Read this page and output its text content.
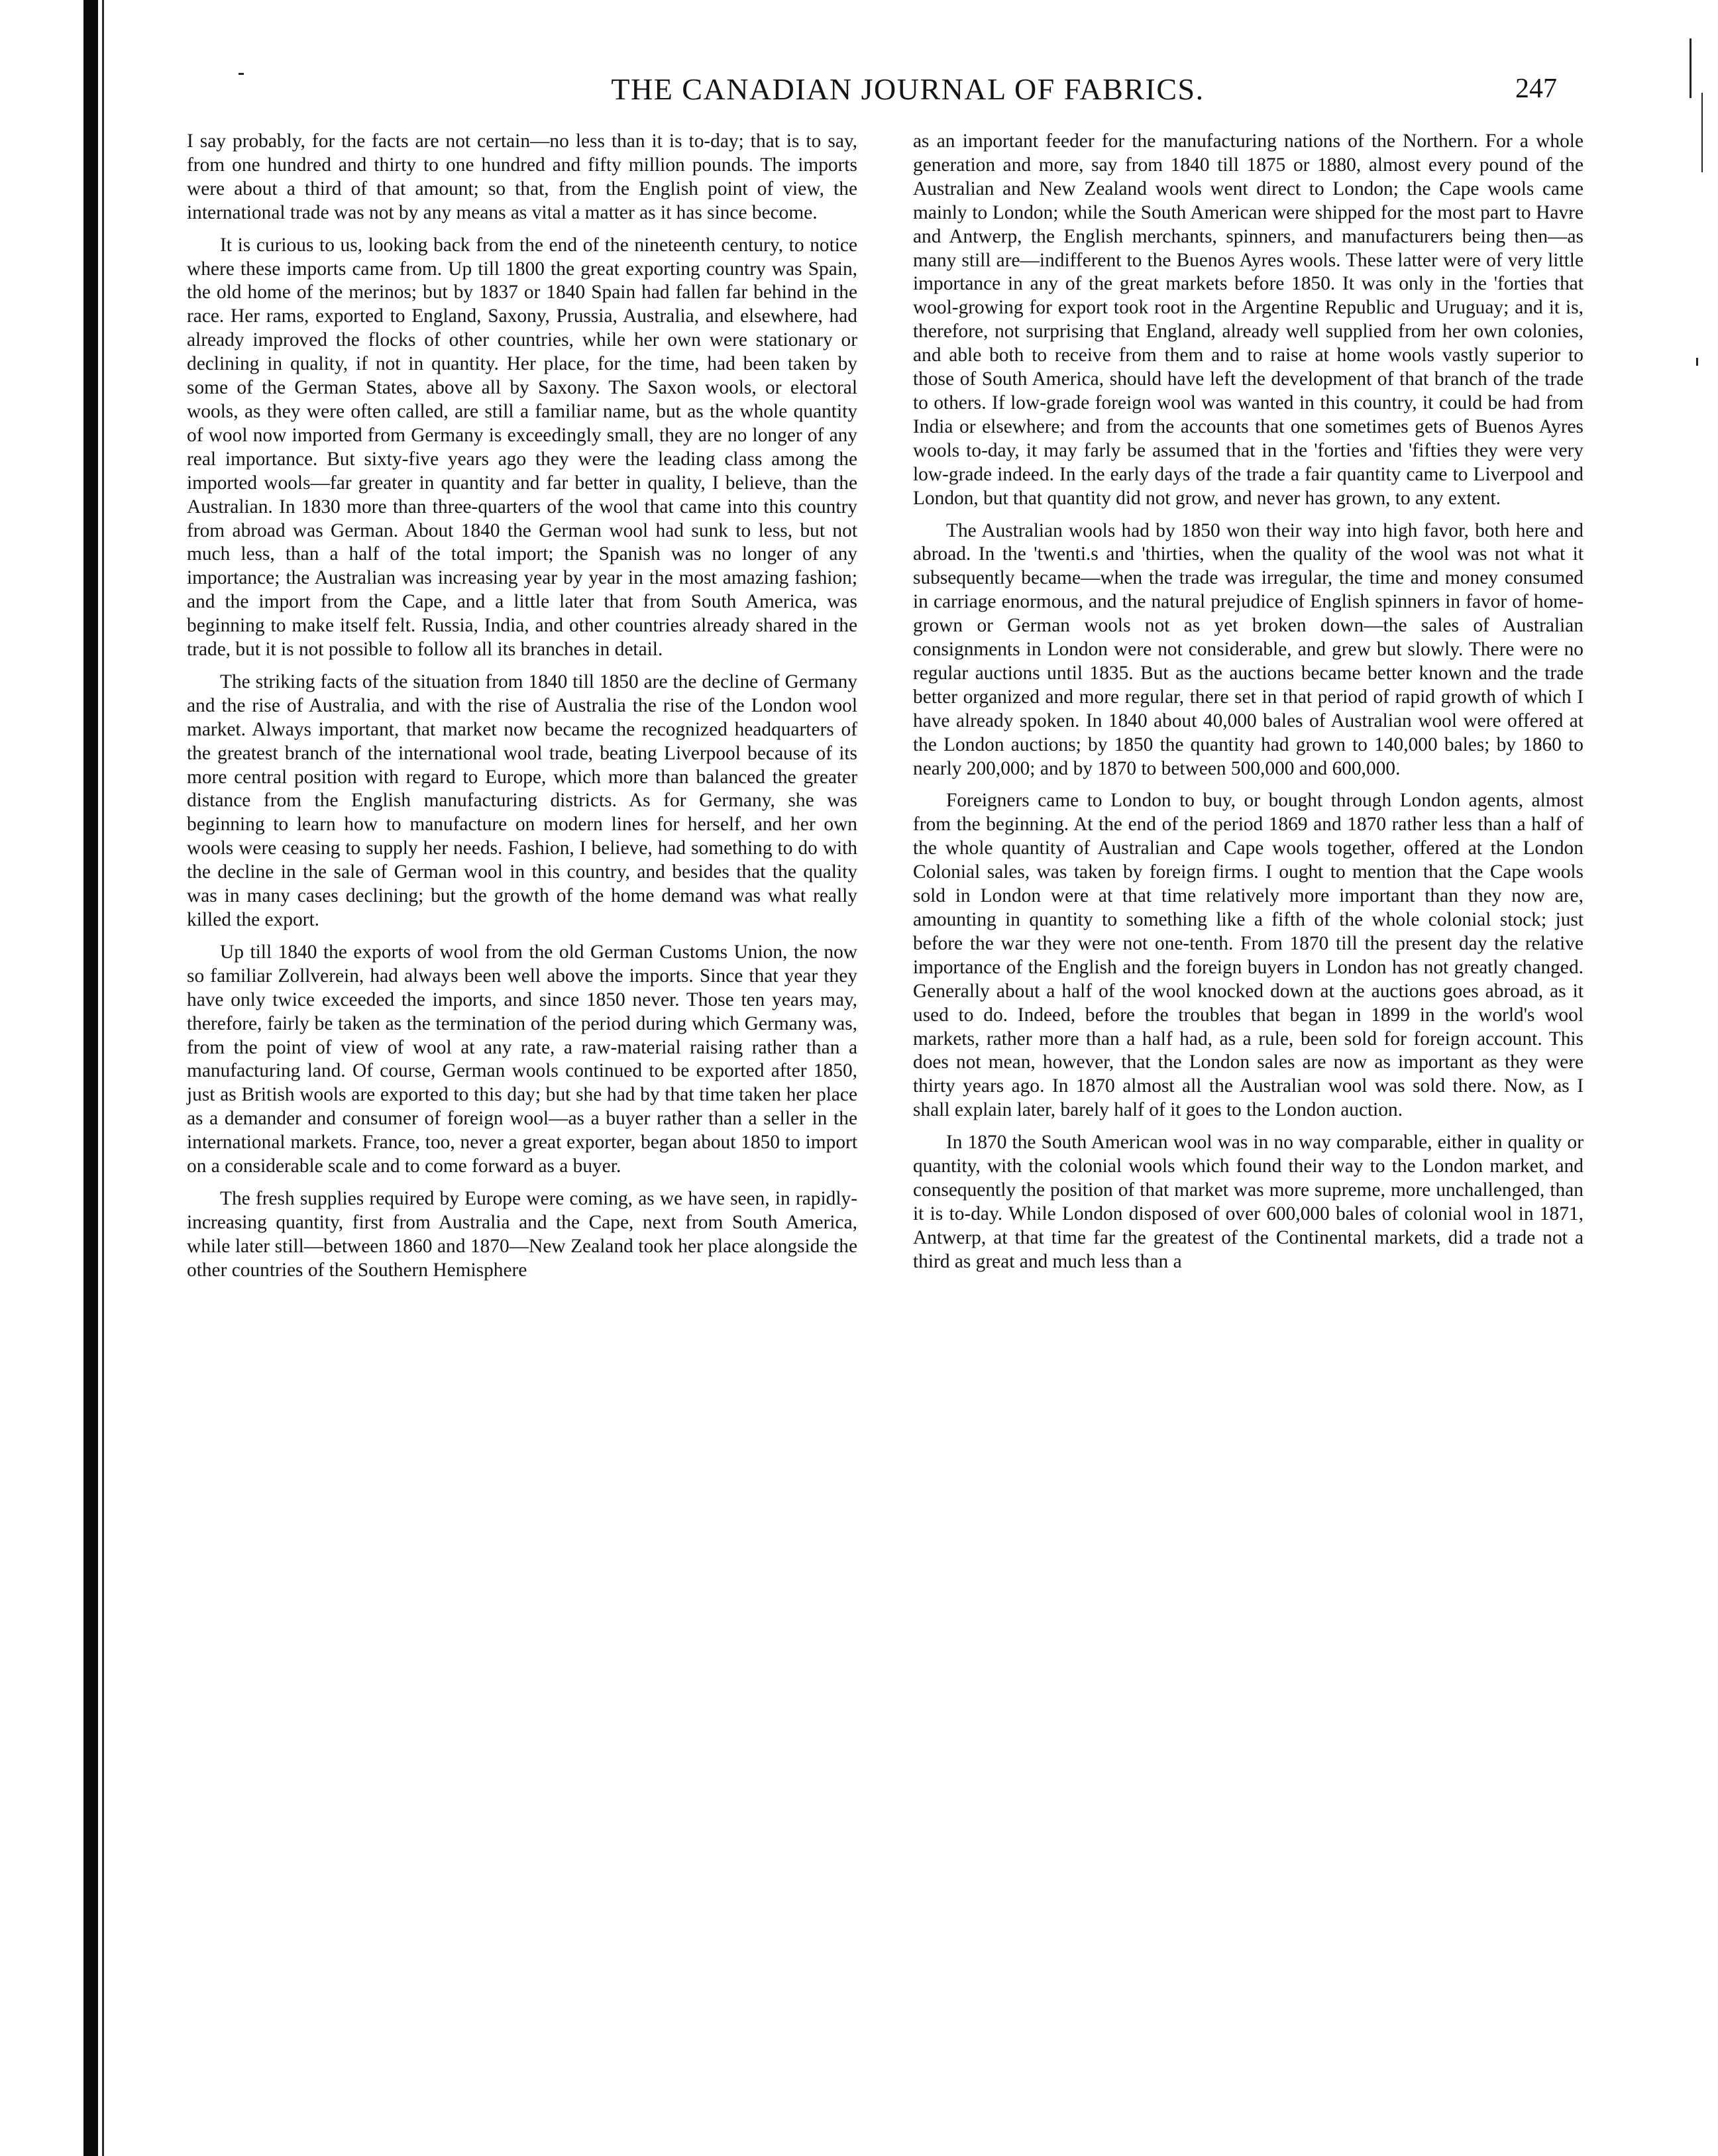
THE CANADIAN JOURNAL OF FABRICS.	247

I say probably, for the facts are not certain—no less than it is to-day; that is to say, from one hundred and thirty to one hundred and fifty million pounds. The imports were about a third of that amount; so that, from the English point of view, the international trade was not by any means as vital a matter as it has since become.

It is curious to us, looking back from the end of the nineteenth century, to notice where these imports came from. Up till 1800 the great exporting country was Spain, the old home of the merinos; but by 1837 or 1840 Spain had fallen far behind in the race. Her rams, exported to England, Saxony, Prussia, Australia, and elsewhere, had already improved the flocks of other countries, while her own were stationary or declining in quality, if not in quantity. Her place, for the time, had been taken by some of the German States, above all by Saxony. The Saxon wools, or electoral wools, as they were often called, are still a familiar name, but as the whole quantity of wool now imported from Germany is exceedingly small, they are no longer of any real importance. But sixty-five years ago they were the leading class among the imported wools—far greater in quantity and far better in quality, I believe, than the Australian. In 1830 more than three-quarters of the wool that came into this country from abroad was German. About 1840 the German wool had sunk to less, but not much less, than a half of the total import; the Spanish was no longer of any importance; the Australian was increasing year by year in the most amazing fashion; and the import from the Cape, and a little later that from South America, was beginning to make itself felt. Russia, India, and other countries already shared in the trade, but it is not possible to follow all its branches in detail.

The striking facts of the situation from 1840 till 1850 are the decline of Germany and the rise of Australia, and with the rise of Australia the rise of the London wool market. Always important, that market now became the recognized headquarters of the greatest branch of the international wool trade, beating Liverpool because of its more central position with regard to Europe, which more than balanced the greater distance from the English manufacturing districts. As for Germany, she was beginning to learn how to manufacture on modern lines for herself, and her own wools were ceasing to supply her needs. Fashion, I believe, had something to do with the decline in the sale of German wool in this country, and besides that the quality was in many cases declining; but the growth of the home demand was what really killed the export.

Up till 1840 the exports of wool from the old German Customs Union, the now so familiar Zollverein, had always been well above the imports. Since that year they have only twice exceeded the imports, and since 1850 never. Those ten years may, therefore, fairly be taken as the termination of the period during which Germany was, from the point of view of wool at any rate, a raw-material raising rather than a manufacturing land. Of course, German wools continued to be exported after 1850, just as British wools are exported to this day; but she had by that time taken her place as a demander and consumer of foreign wool—as a buyer rather than a seller in the international markets. France, too, never a great exporter, began about 1850 to import on a considerable scale and to come forward as a buyer.

The fresh supplies required by Europe were coming, as we have seen, in rapidly-increasing quantity, first from Australia and the Cape, next from South America, while later still—between 1860 and 1870—New Zealand took her place alongside the other countries of the Southern Hemisphere

as an important feeder for the manufacturing nations of the Northern. For a whole generation and more, say from 1840 till 1875 or 1880, almost every pound of the Australian and New Zealand wools went direct to London; the Cape wools came mainly to London; while the South American were shipped for the most part to Havre and Antwerp, the English merchants, spinners, and manufacturers being then—as many still are—indifferent to the Buenos Ayres wools. These latter were of very little importance in any of the great markets before 1850. It was only in the 'forties that wool-growing for export took root in the Argentine Republic and Uruguay; and it is, therefore, not surprising that England, already well supplied from her own colonies, and able both to receive from them and to raise at home wools vastly superior to those of South America, should have left the development of that branch of the trade to others. If low-grade foreign wool was wanted in this country, it could be had from India or elsewhere; and from the accounts that one sometimes gets of Buenos Ayres wools to-day, it may farly be assumed that in the 'forties and 'fifties they were very low-grade indeed. In the early days of the trade a fair quantity came to Liverpool and London, but that quantity did not grow, and never has grown, to any extent.

The Australian wools had by 1850 won their way into high favor, both here and abroad. In the 'twenti.s and 'thirties, when the quality of the wool was not what it subsequently became—when the trade was irregular, the time and money consumed in carriage enormous, and the natural prejudice of English spinners in favor of home-grown or German wools not as yet broken down—the sales of Australian consignments in London were not considerable, and grew but slowly. There were no regular auctions until 1835. But as the auctions became better known and the trade better organized and more regular, there set in that period of rapid growth of which I have already spoken. In 1840 about 40,000 bales of Australian wool were offered at the London auctions; by 1850 the quantity had grown to 140,000 bales; by 1860 to nearly 200,000; and by 1870 to between 500,000 and 600,000.

Foreigners came to London to buy, or bought through London agents, almost from the beginning. At the end of the period 1869 and 1870 rather less than a half of the whole quantity of Australian and Cape wools together, offered at the London Colonial sales, was taken by foreign firms. I ought to mention that the Cape wools sold in London were at that time relatively more important than they now are, amounting in quantity to something like a fifth of the whole colonial stock; just before the war they were not one-tenth. From 1870 till the present day the relative importance of the English and the foreign buyers in London has not greatly changed. Generally about a half of the wool knocked down at the auctions goes abroad, as it used to do. Indeed, before the troubles that began in 1899 in the world's wool markets, rather more than a half had, as a rule, been sold for foreign account. This does not mean, however, that the London sales are now as important as they were thirty years ago. In 1870 almost all the Australian wool was sold there. Now, as I shall explain later, barely half of it goes to the London auction.

In 1870 the South American wool was in no way comparable, either in quality or quantity, with the colonial wools which found their way to the London market, and consequently the position of that market was more supreme, more unchallenged, than it is to-day. While London disposed of over 600,000 bales of colonial wool in 1871, Antwerp, at that time far the greatest of the Continental markets, did a trade not a third as great and much less than a
